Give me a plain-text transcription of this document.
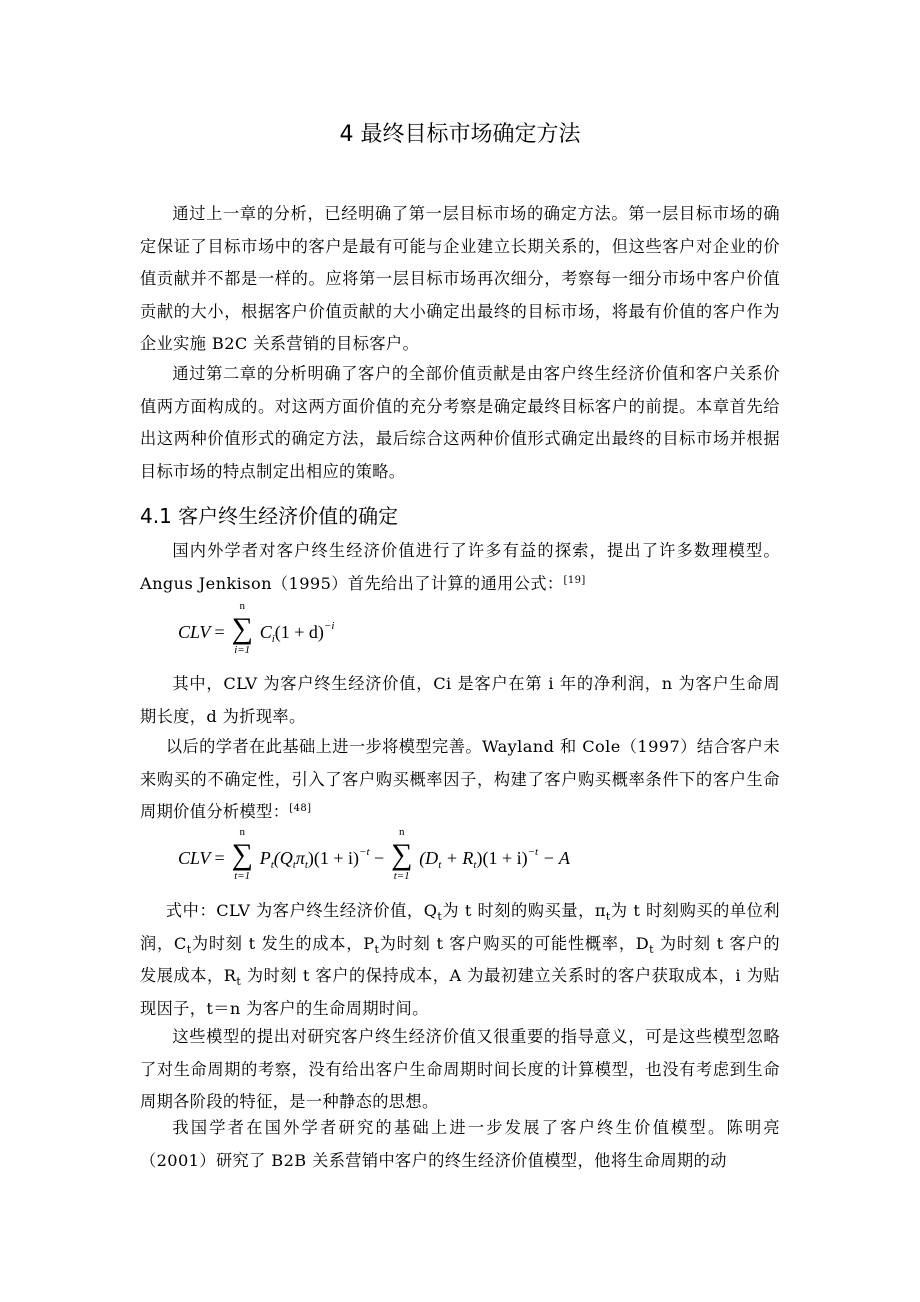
4 最终目标市场确定方法

通过上一章的分析，已经明确了第一层目标市场的确定方法。第一层目标市场的确定保证了目标市场中的客户是最有可能与企业建立长期关系的，但这些客户对企业的价值贡献并不都是一样的。应将第一层目标市场再次细分，考察每一细分市场中客户价值贡献的大小，根据客户价值贡献的大小确定出最终的目标市场，将最有价值的客户作为企业实施 B2C 关系营销的目标客户。

通过第二章的分析明确了客户的全部价值贡献是由客户终生经济价值和客户关系价值两方面构成的。对这两方面价值的充分考察是确定最终目标客户的前提。本章首先给出这两种价值形式的确定方法，最后综合这两种价值形式确定出最终的目标市场并根据目标市场的特点制定出相应的策略。

4.1 客户终生经济价值的确定

国内外学者对客户终生经济价值进行了许多有益的探索，提出了许多数理模型。Angus Jenkison（1995）首先给出了计算的通用公式：[19]

CLV =
n
∑
i=1
$C_i(1 + d)^{-i}$

其中，CLV 为客户终生经济价值，Ci 是客户在第 i 年的净利润，n 为客户生命周期长度，d 为折现率。

以后的学者在此基础上进一步将模型完善。Wayland 和 Cole（1997）结合客户未来购买的不确定性，引入了客户购买概率因子，构建了客户购买概率条件下的客户生命周期价值分析模型：[48]

CLV =
n
∑
t=1
$P_t(Q_t\pi_t)(1 + i)^{-t}$ −
n
∑
t=1
$(D_t + R_t)(1 + i)^{-t} - A$

式中：CLV 为客户终生经济价值，$Q_t$为 t 时刻的购买量，$\pi_t$为 t 时刻购买的单位利润，$C_t$为时刻 t 发生的成本，$P_t$为时刻 t 客户购买的可能性概率，$D_t$ 为时刻 t 客户的发展成本，$R_t$ 为时刻 t 客户的保持成本，A 为最初建立关系时的客户获取成本，i 为贴现因子，t＝n 为客户的生命周期时间。

这些模型的提出对研究客户终生经济价值又很重要的指导意义，可是这些模型忽略了对生命周期的考察，没有给出客户生命周期时间长度的计算模型，也没有考虑到生命周期各阶段的特征，是一种静态的思想。

我国学者在国外学者研究的基础上进一步发展了客户终生价值模型。陈明亮（2001）研究了 B2B 关系营销中客户的终生经济价值模型，他将生命周期的动
